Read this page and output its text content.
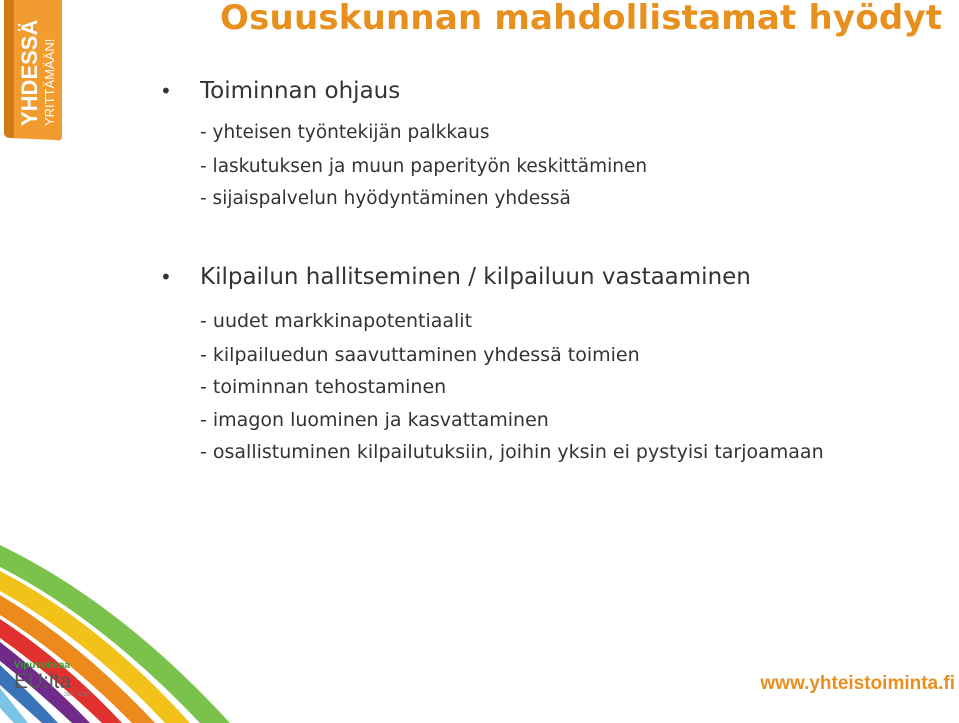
YHDESSÄ YRITTÄMÄÄN!
Osuuskunnan mahdollistamat hyödyt
•	Toiminnan ohjaus
- yhteisen työntekijän palkkaus
- laskutuksen ja muun paperityön keskittäminen
- sijaispalvelun hyödyntäminen yhdessä
•	Kilpailun hallitseminen / kilpailuun vastaaminen
- uudet markkinapotentiaalit
- kilpailuedun saavuttaminen yhdessä toimien
- toiminnan tehostaminen
- imagon luominen ja kasvattaminen
- osallistuminen kilpailutuksiin, joihin yksin ei pystyisi tarjoamaan
Vipuvoimaa
EU:lta
2007–2013
www.yhteistoiminta.fi
